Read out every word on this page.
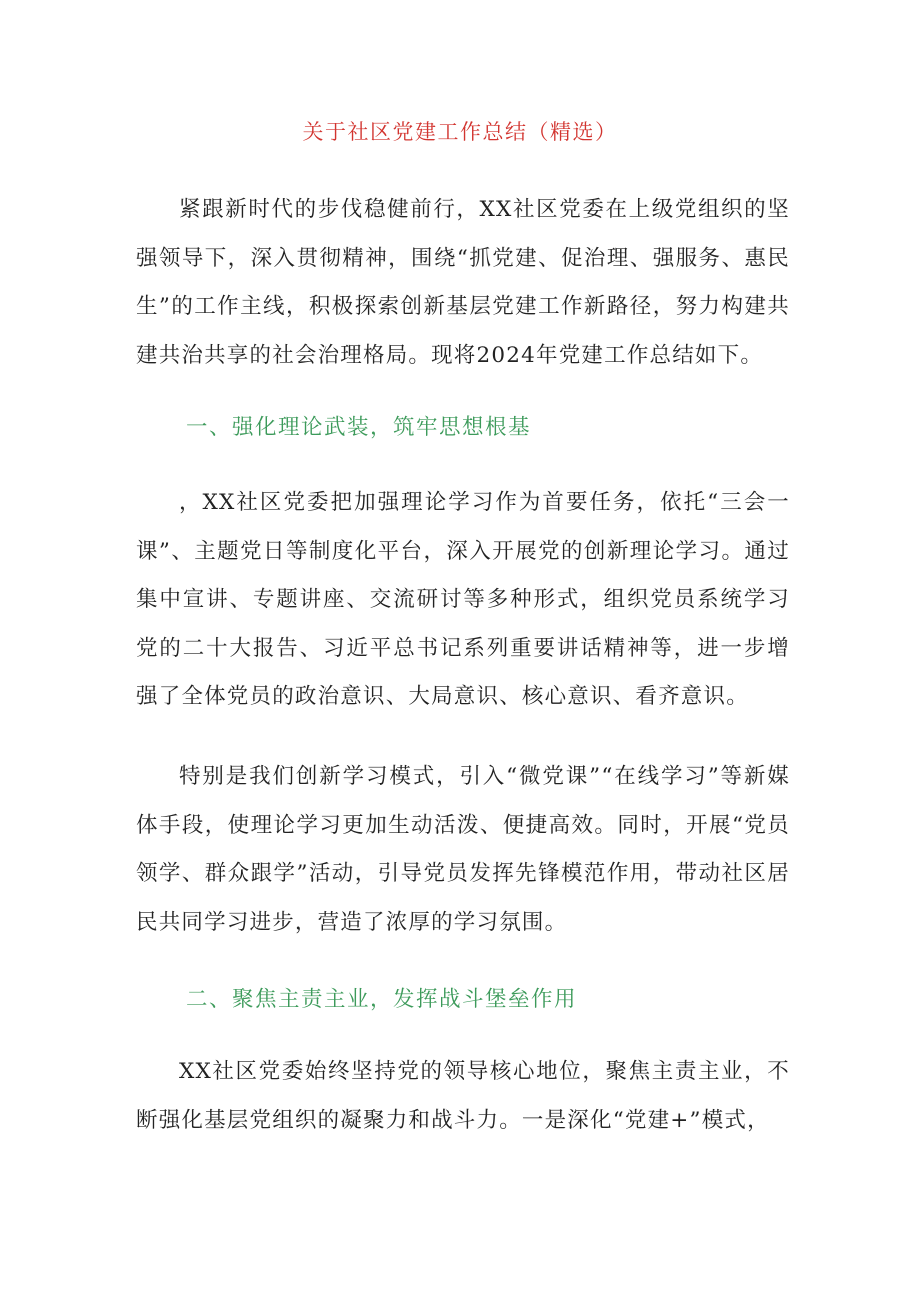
关于社区党建工作总结（精选）

紧跟新时代的步伐稳健前行，XX社区党委在上级党组织的坚强领导下，深入贯彻精神，围绕“抓党建、促治理、强服务、惠民生”的工作主线，积极探索创新基层党建工作新路径，努力构建共建共治共享的社会治理格局。现将2024年党建工作总结如下。

一、强化理论武装，筑牢思想根基

，XX社区党委把加强理论学习作为首要任务，依托“三会一课”、主题党日等制度化平台，深入开展党的创新理论学习。通过集中宣讲、专题讲座、交流研讨等多种形式，组织党员系统学习党的二十大报告、习近平总书记系列重要讲话精神等，进一步增强了全体党员的政治意识、大局意识、核心意识、看齐意识。

特别是我们创新学习模式，引入“微党课”“在线学习”等新媒体手段，使理论学习更加生动活泼、便捷高效。同时，开展“党员领学、群众跟学”活动，引导党员发挥先锋模范作用，带动社区居民共同学习进步，营造了浓厚的学习氛围。

二、聚焦主责主业，发挥战斗堡垒作用

XX社区党委始终坚持党的领导核心地位，聚焦主责主业，不断强化基层党组织的凝聚力和战斗力。一是深化“党建+”模式，
